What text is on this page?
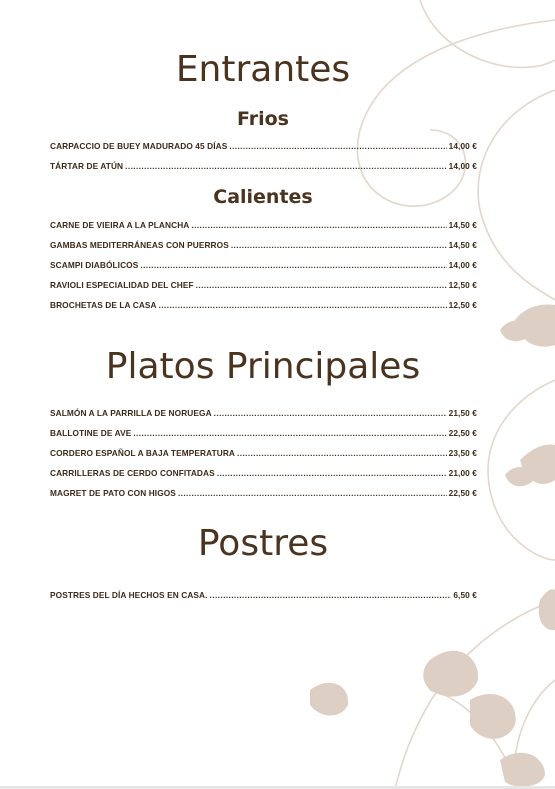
Entrantes
Frios
CARPACCIO DE BUEY MADURADO 45 DÍAS .....	14,00 €
TÁRTAR DE ATÚN .....	14,00 €
Calientes
CARNE DE VIEIRA A LA PLANCHA .....	14,50 €
GAMBAS MEDITERRÁNEAS CON PUERROS .....	14,50 €
SCAMPI DIABÓLICOS .....	14,00 €
RAVIOLI ESPECIALIDAD DEL CHEF .....	12,50 €
BROCHETAS DE LA CASA .....	12,50 €
Platos Principales
SALMÓN A LA PARRILLA DE NORUEGA .....	21,50 €
BALLOTINE DE AVE .....	22,50 €
CORDERO ESPAÑOL A BAJA TEMPERATURA .....	23,50 €
CARRILLERAS DE CERDO CONFITADAS .....	21,00 €
MAGRET DE PATO CON HIGOS .....	22,50 €
Postres
POSTRES DEL DÍA HECHOS EN CASA. .....	6,50 €
